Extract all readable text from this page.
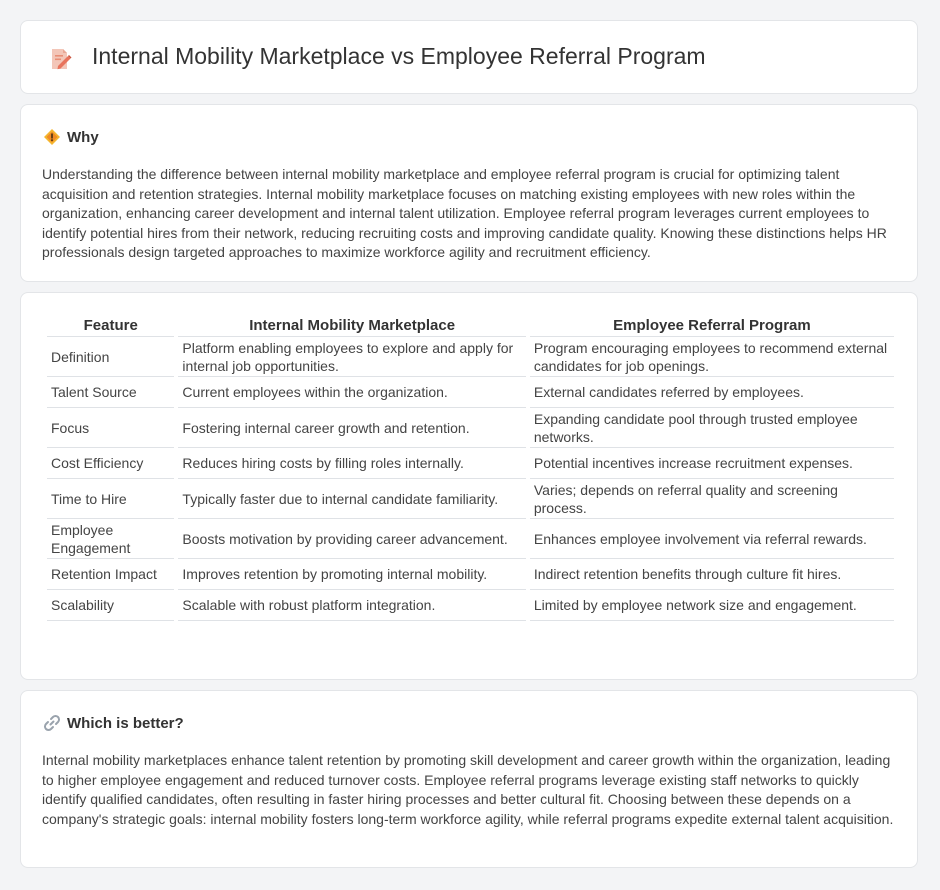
Internal Mobility Marketplace vs Employee Referral Program
Why

Understanding the difference between internal mobility marketplace and employee referral program is crucial for optimizing talent acquisition and retention strategies. Internal mobility marketplace focuses on matching existing employees with new roles within the organization, enhancing career development and internal talent utilization. Employee referral program leverages current employees to identify potential hires from their network, reducing recruiting costs and improving candidate quality. Knowing these distinctions helps HR professionals design targeted approaches to maximize workforce agility and recruitment efficiency.

Feature	Internal Mobility Marketplace	Employee Referral Program
Definition	Platform enabling employees to explore and apply for internal job opportunities.	Program encouraging employees to recommend external candidates for job openings.
Talent Source	Current employees within the organization.	External candidates referred by employees.
Focus	Fostering internal career growth and retention.	Expanding candidate pool through trusted employee networks.
Cost Efficiency	Reduces hiring costs by filling roles internally.	Potential incentives increase recruitment expenses.
Time to Hire	Typically faster due to internal candidate familiarity.	Varies; depends on referral quality and screening process.
Employee Engagement	Boosts motivation by providing career advancement.	Enhances employee involvement via referral rewards.
Retention Impact	Improves retention by promoting internal mobility.	Indirect retention benefits through culture fit hires.
Scalability	Scalable with robust platform integration.	Limited by employee network size and engagement.
Which is better?

Internal mobility marketplaces enhance talent retention by promoting skill development and career growth within the organization, leading to higher employee engagement and reduced turnover costs. Employee referral programs leverage existing staff networks to quickly identify qualified candidates, often resulting in faster hiring processes and better cultural fit. Choosing between these depends on a company's strategic goals: internal mobility fosters long-term workforce agility, while referral programs expedite external talent acquisition.
